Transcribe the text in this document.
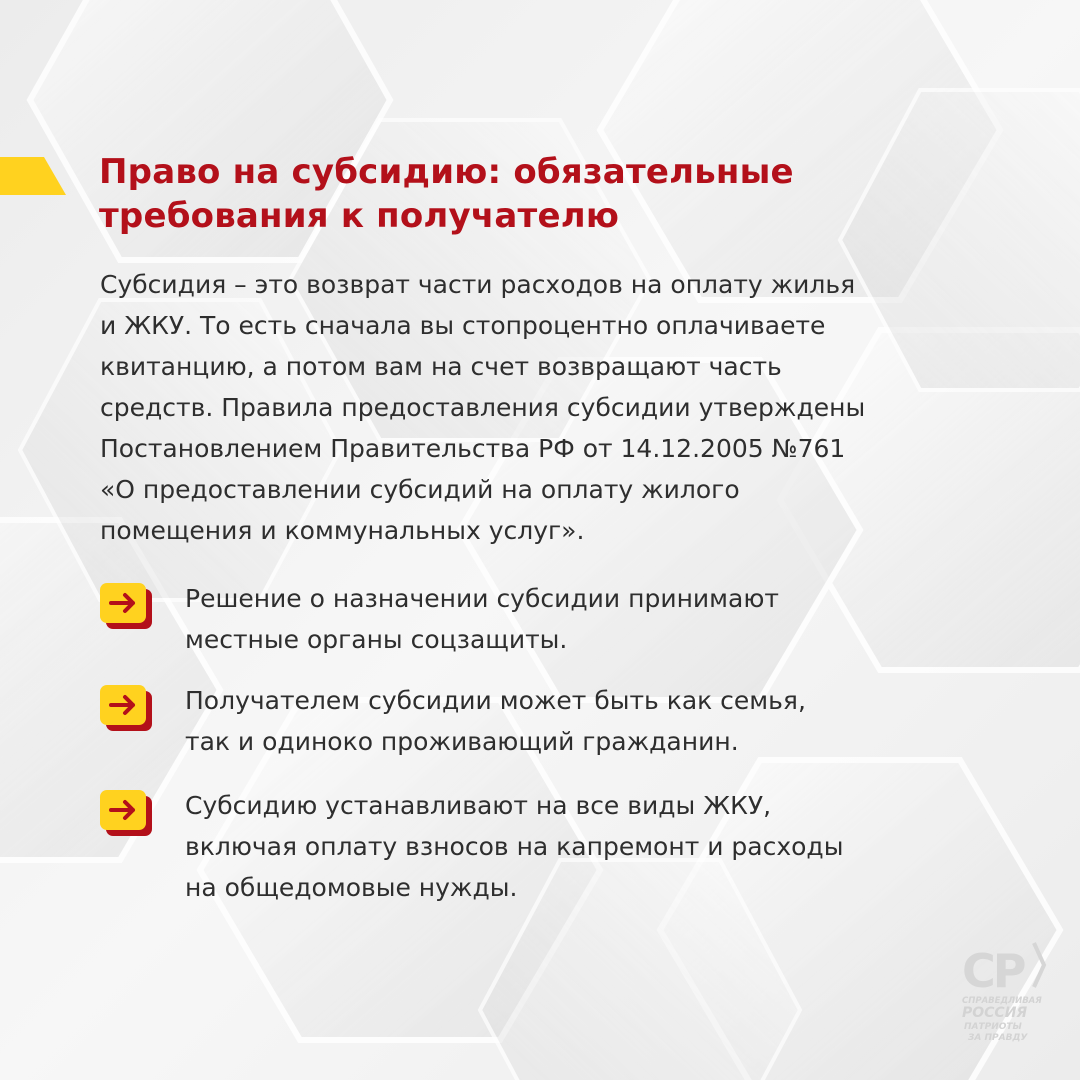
Право на субсидию: обязательные
требования к получателю
Субсидия – это возврат части расходов на оплату жилья
и ЖКУ. То есть сначала вы стопроцентно оплачиваете
квитанцию, а потом вам на счет возвращают часть
средств. Правила предоставления субсидии утверждены
Постановлением Правительства РФ от 14.12.2005 №761
«О предоставлении субсидий на оплату жилого
помещения и коммунальных услуг».
Решение о назначении субсидии принимают
местные органы соцзащиты.
Получателем субсидии может быть как семья,
так и одиноко проживающий гражданин.
Субсидию устанавливают на все виды ЖКУ,
включая оплату взносов на капремонт и расходы
на общедомовые нужды.
СР
СПРАВЕДЛИВАЯ
РОССИЯ
ПАТРИОТЫ
ЗА ПРАВДУ
